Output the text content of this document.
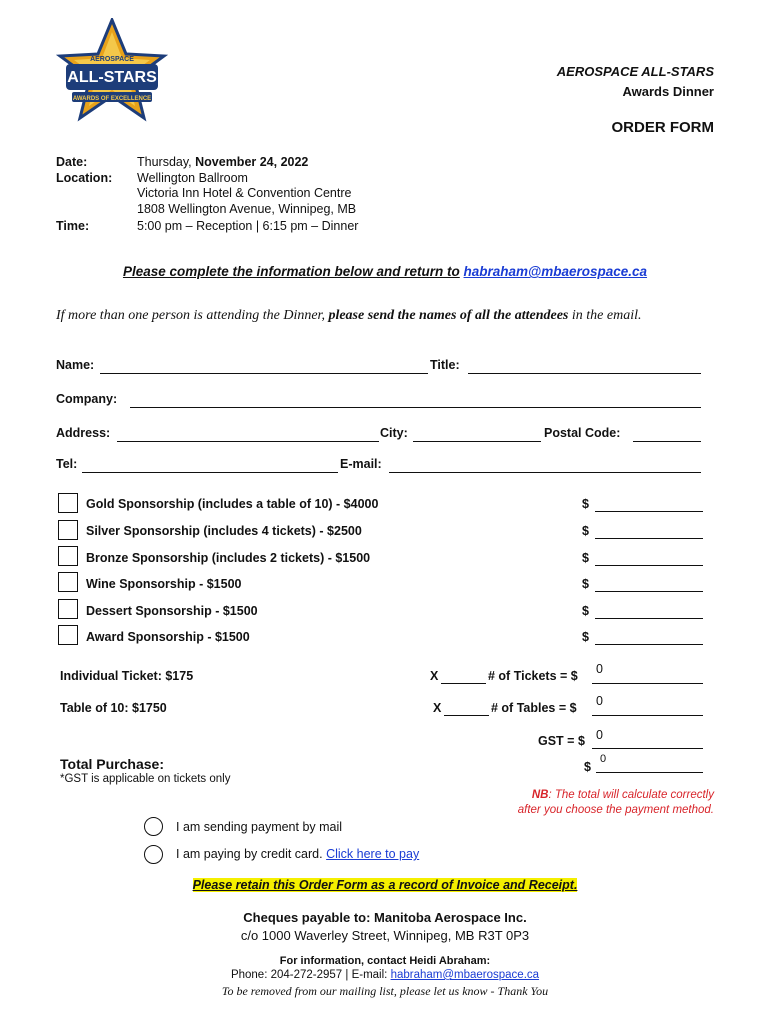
AEROSPACE
ALL-STARS
AWARDS OF EXCELLENCE
AEROSPACE ALL-STARS
Awards Dinner
ORDER FORM
Date:	Thursday, November 24, 2022
Location: Wellington Ballroom
Victoria Inn Hotel & Convention Centre
1808 Wellington Avenue, Winnipeg, MB
Time:	5:00 pm – Reception | 6:15 pm – Dinner
Please complete the information below and return to habraham@mbaerospace.ca
If more than one person is attending the Dinner, please send the names of all the attendees in the email.
Name:	Title:
Company:
Address:	City:	Postal Code:
Tel:	E-mail:
Gold Sponsorship (includes a table of 10) - $4000	$
Silver Sponsorship (includes 4 tickets) - $2500	$
Bronze Sponsorship (includes 2 tickets) - $1500	$
Wine Sponsorship - $1500	$
Dessert Sponsorship - $1500	$
Award Sponsorship - $1500	$
Individual Ticket: $175	X	# of Tickets = $ 0
Table of 10: $1750	X	# of Tables = $ 0
GST = $ 0
Total Purchase:	$
0
*GST is applicable on tickets only
NB: The total will calculate correctly
after you choose the payment method.
I am sending payment by mail
I am paying by credit card. Click here to pay
Please retain this Order Form as a record of Invoice and Receipt.
Cheques payable to: Manitoba Aerospace Inc.
c/o 1000 Waverley Street, Winnipeg, MB R3T 0P3
For information, contact Heidi Abraham:
Phone: 204-272-2957 | E-mail: habraham@mbaerospace.ca
To be removed from our mailing list, please let us know - Thank You
